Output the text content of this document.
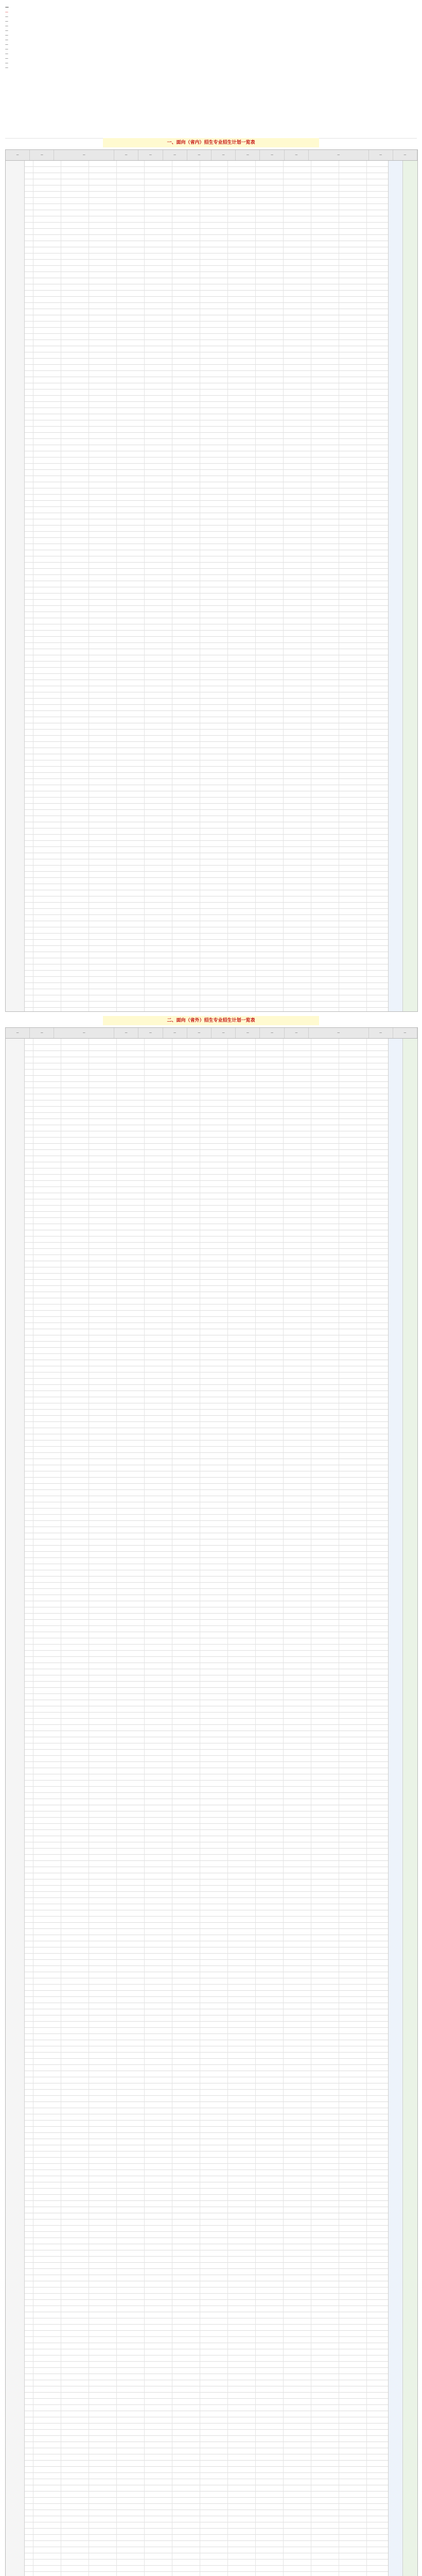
—
—
—
—
—
—
—
—
—
—
—
—
—
—
一、面向（省内）招生专业招生计划一览表
—	—	—	—	—	—	—	—	—	—	—	—	—	—
二、面向（省外）招生专业招生计划一览表
—	—	—	—	—	—	—	—	—	—	—	—	—	—
